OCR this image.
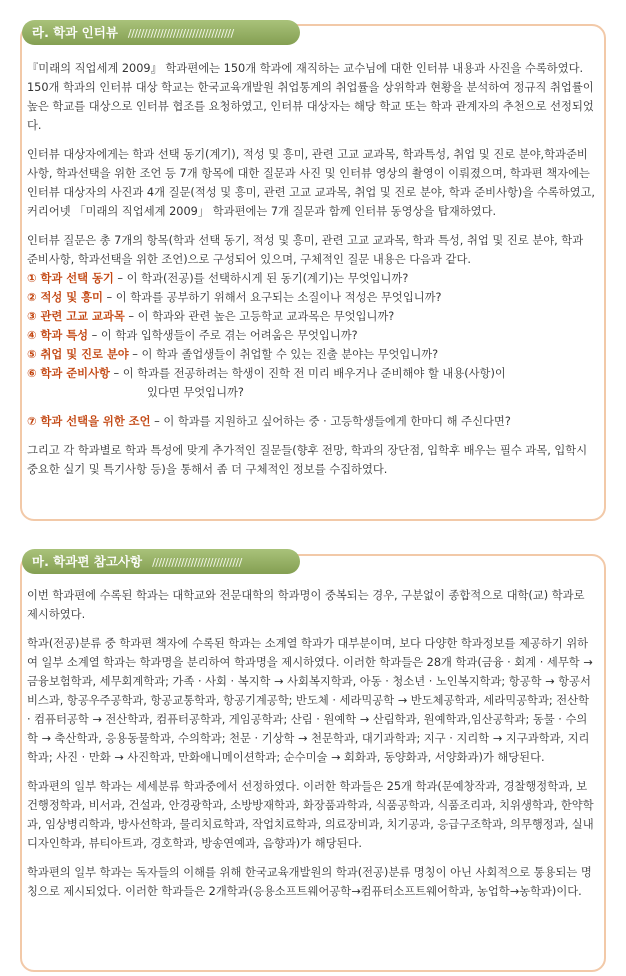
라. 학과 인터뷰 /////////////////////////////////

『미래의 직업세계 2009』 학과편에는 150개 학과에 재직하는 교수님에 대한 인터뷰 내용과 사진을 수록하였다. 150개 학과의 인터뷰 대상 학교는 한국교육개발원 취업통계의 취업률을 상위학과 현황을 분석하여 정규직 취업률이 높은 학교를 대상으로 인터뷰 협조를 요청하였고, 인터뷰 대상자는 해당 학교 또는 학과 관계자의 추천으로 선정되었다.

인터뷰 대상자에게는 학과 선택 동기(계기), 적성 및 흥미, 관련 고교 교과목, 학과특성, 취업 및 진로 분야,학과준비사항, 학과선택을 위한 조언 등 7개 항목에 대한 질문과 사진 및 인터뷰 영상의 촬영이 이뤄졌으며, 학과편 책자에는 인터뷰 대상자의 사진과 4개 질문(적성 및 흥미, 관련 고교 교과목, 취업 및 진로 분야, 학과 준비사항)을 수록하였고, 커리어넷 「미래의 직업세계 2009」 학과편에는 7개 질문과 함께 인터뷰 동영상을 탑재하였다.

인터뷰 질문은 총 7개의 항목(학과 선택 동기, 적성 및 흥미, 관련 고교 교과목, 학과 특성, 취업 및 진로 분야, 학과 준비사항, 학과선택을 위한 조언)으로 구성되어 있으며, 구체적인 질문 내용은 다음과 같다.

① 학과 선택 동기 – 이 학과(전공)를 선택하시게 된 동기(계기)는 무엇입니까?
② 적성 및 흥미 – 이 학과를 공부하기 위해서 요구되는 소질이나 적성은 무엇입니까?
③ 관련 고교 교과목 – 이 학과와 관련 높은 고등학교 교과목은 무엇입니까?
④ 학과 특성 – 이 학과 입학생들이 주로 겪는 어려움은 무엇입니까?
⑤ 취업 및 진로 분야 – 이 학과 졸업생들이 취업할 수 있는 진출 분야는 무엇입니까?
⑥ 학과 준비사항 – 이 학과를 전공하려는 학생이 진학 전 미리 배우거나 준비해야 할 내용(사항)이
있다면 무엇입니까?
⑦ 학과 선택을 위한 조언 – 이 학과를 지원하고 싶어하는 중 · 고등학생들에게 한마디 해 주신다면?

그리고 각 학과별로 학과 특성에 맞게 추가적인 질문들(향후 전망, 학과의 장단점, 입학후 배우는 필수 과목, 입학시 중요한 실기 및 특기사항 등)을 통해서 좀 더 구체적인 정보를 수집하였다.

마. 학과편 참고사항 ////////////////////////////

이번 학과편에 수록된 학과는 대학교와 전문대학의 학과명이 중복되는 경우, 구분없이 종합적으로 대학(교) 학과로 제시하였다.

학과(전공)분류 중 학과편 책자에 수록된 학과는 소계열 학과가 대부분이며, 보다 다양한 학과정보를 제공하기 위하여 일부 소계열 학과는 학과명을 분리하여 학과명을 제시하였다. 이러한 학과들은 28개 학과(금융 · 회계 · 세무학 → 금융보험학과, 세무회계학과; 가족 · 사회 · 복지학 → 사회복지학과, 아동 · 청소년 · 노인복지학과; 항공학 → 항공서비스과, 항공우주공학과, 항공교통학과, 항공기계공학; 반도체 · 세라믹공학 → 반도체공학과, 세라믹공학과; 전산학 · 컴퓨터공학 → 전산학과, 컴퓨터공학과, 게임공학과; 산림 · 원예학 → 산림학과, 원예학과,임산공학과; 동물 · 수의학 → 축산학과, 응용동물학과, 수의학과; 천문 · 기상학 → 천문학과, 대기과학과; 지구 · 지리학 → 지구과학과, 지리학과; 사진 · 만화 → 사진학과, 만화애니메이션학과; 순수미술 → 회화과, 동양화과, 서양화과)가 해당된다.

학과편의 일부 학과는 세세분류 학과중에서 선정하였다. 이러한 학과들은 25개 학과(문예창작과, 경찰행정학과, 보건행정학과, 비서과, 건설과, 안경광학과, 소방방재학과, 화장품과학과, 식품공학과, 식품조리과, 치위생학과, 한약학과, 임상병리학과, 방사선학과, 물리치료학과, 작업치료학과, 의료장비과, 치기공과, 응급구조학과, 의무행정과, 실내디자인학과, 뷰티아트과, 경호학과, 방송연예과, 음향과)가 해당된다.

학과편의 일부 학과는 독자들의 이해를 위해 한국교육개발원의 학과(전공)분류 명칭이 아닌 사회적으로 통용되는 명칭으로 제시되었다. 이러한 학과들은 2개학과(응용소프트웨어공학→컴퓨터소프트웨어학과, 농업학→농학과)이다.
